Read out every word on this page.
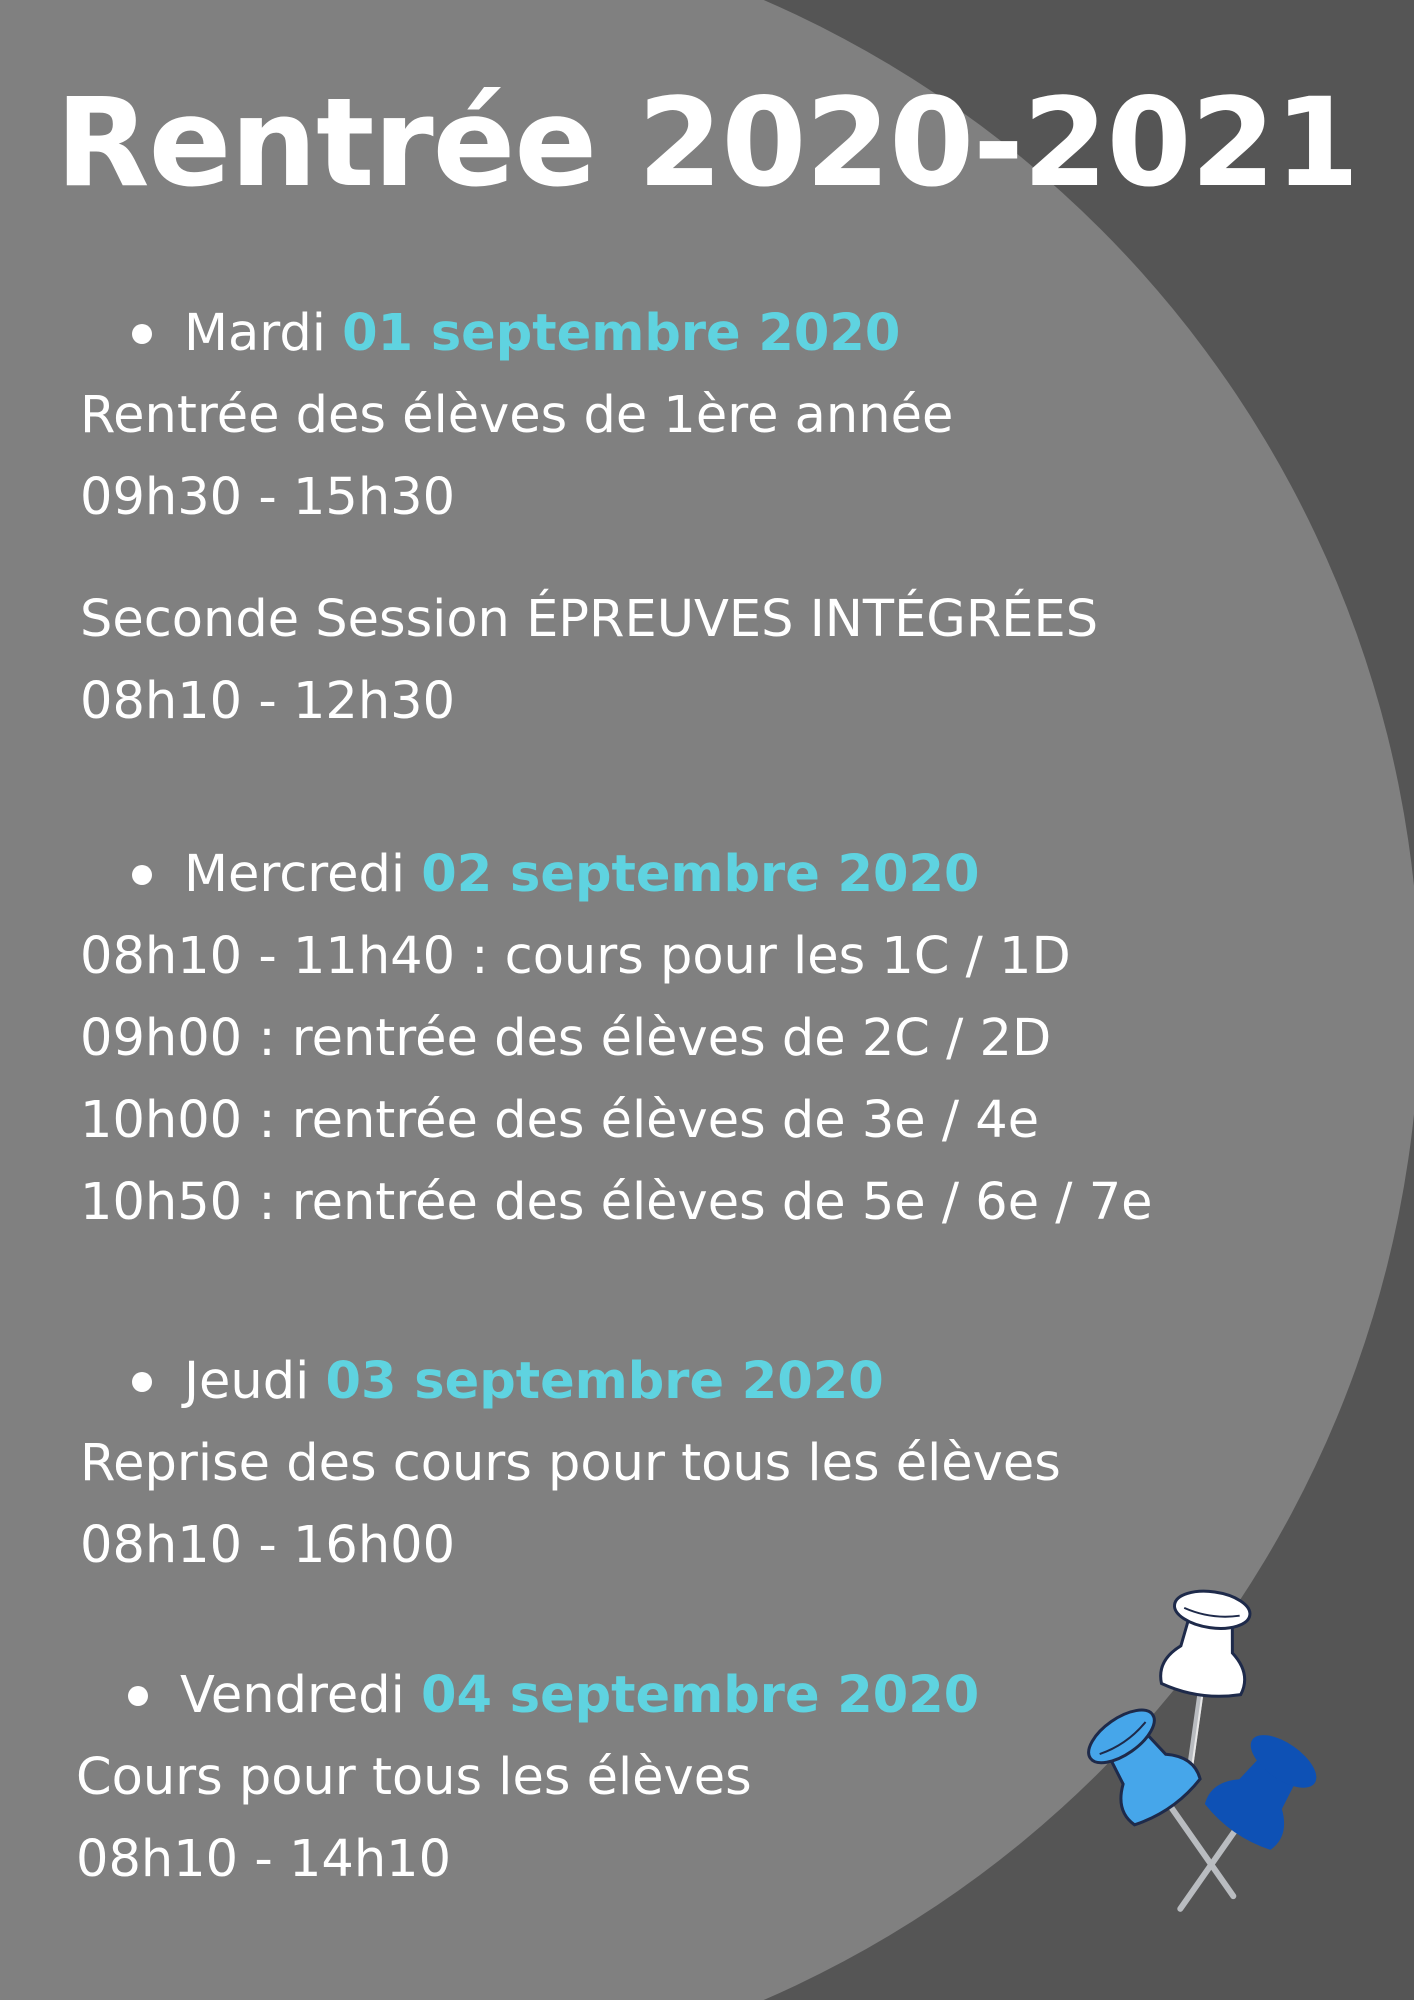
Rentrée 2020-2021
Mardi 01 septembre 2020
Rentrée des élèves de 1ère année
09h30 - 15h30
Seconde Session ÉPREUVES INTÉGRÉES
08h10 - 12h30
Mercredi 02 septembre 2020
08h10 - 11h40 : cours pour les 1C / 1D
09h00 : rentrée des élèves de 2C / 2D
10h00 : rentrée des élèves de 3e / 4e
10h50 : rentrée des élèves de 5e / 6e / 7e
Jeudi 03 septembre 2020
Reprise des cours pour tous les élèves
08h10 - 16h00
Vendredi 04 septembre 2020
Cours pour tous les élèves
08h10 - 14h10
